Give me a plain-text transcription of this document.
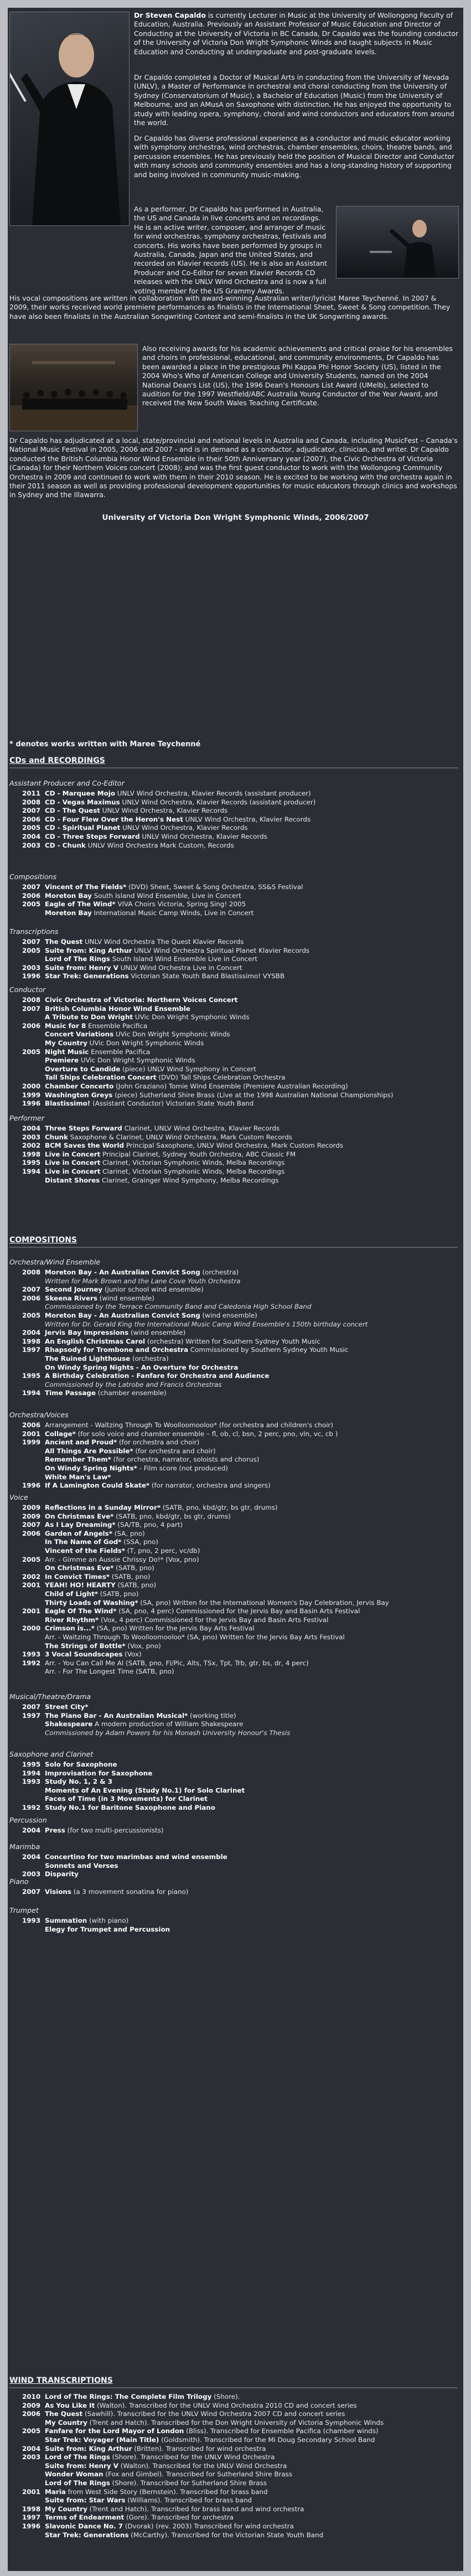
Dr Steven Capaldo is currently Lecturer in Music at the University of Wollongong Faculty of Education, Australia. Previously an Assistant Professor of Music Education and Director of Conducting at the University of Victoria in BC Canada, Dr Capaldo was the founding conductor of the University of Victoria Don Wright Symphonic Winds and taught subjects in Music Education and Conducting at undergraduate and post-graduate levels.

Dr Capaldo completed a Doctor of Musical Arts in conducting from the University of Nevada (UNLV), a Master of Performance in orchestral and choral conducting from the University of Sydney (Conservatorium of Music), a Bachelor of Education (Music) from the University of Melbourne, and an AMusA on Saxophone with distinction. He has enjoyed the opportunity to study with leading opera, symphony, choral and wind conductors and educators from around the world.

Dr Capaldo has diverse professional experience as a conductor and music educator working with symphony orchestras, wind orchestras, chamber ensembles, choirs, theatre bands, and percussion ensembles. He has previously held the position of Musical Director and Conductor with many schools and community ensembles and has a long-standing history of supporting and being involved in community music-making.

As a performer, Dr Capaldo has performed in Australia, the US and Canada in live concerts and on recordings. He is an active writer, composer, and arranger of music for wind orchestras, symphony orchestras, festivals and concerts. His works have been performed by groups in Australia, Canada, Japan and the United States, and recorded on Klavier records (US). He is also an Assistant Producer and Co-Editor for seven Klavier Records CD releases with the UNLV Wind Orchestra and is now a full voting member for the US Grammy Awards.

His vocal compositions are written in collaboration with award-winning Australian writer/lyricist Maree Teychenné. In 2007 & 2009, their works received world premiere performances as finalists in the International Sheet, Sweet & Song competition. They have also been finalists in the Australian Songwriting Contest and semi-finalists in the UK Songwriting awards.

Also receiving awards for his academic achievements and critical praise for his ensembles and choirs in professional, educational, and community environments, Dr Capaldo has been awarded a place in the prestigious Phi Kappa Phi Honor Society (US), listed in the 2004 Who's Who of American College and University Students, named on the 2004 National Dean's List (US), the 1996 Dean's Honours List Award (UMelb), selected to audition for the 1997 Westfield/ABC Australia Young Conductor of the Year Award, and received the New South Wales Teaching Certificate.

Dr Capaldo has adjudicated at a local, state/provincial and national levels in Australia and Canada, including MusicFest – Canada's National Music Festival in 2005, 2006 and 2007 - and is in demand as a conductor, adjudicator, clinician, and writer. Dr Capaldo conducted the British Columbia Honor Wind Ensemble in their 50th Anniversary year (2007), the Civic Orchestra of Victoria (Canada) for their Northern Voices concert (2008); and was the first guest conductor to work with the Wollongong Community Orchestra in 2009 and continued to work with them in their 2010 season. He is excited to be working with the orchestra again in their 2011 season as well as providing professional development opportunities for music educators through clinics and workshops in Sydney and the Illawarra.

University of Victoria Don Wright Symphonic Winds, 2006/2007
* denotes works written with Maree Teychenné
CDs and RECORDINGS
COMPOSITIONS
WIND TRANSCRIPTIONS
Assistant Producer and Co-Editor
2011 CD - Marquee Mojo UNLV Wind Orchestra, Klavier Records (assistant producer)
2008 CD - Vegas Maximus UNLV Wind Orchestra, Klavier Records (assistant producer)
2007 CD - The Quest UNLV Wind Orchestra, Klavier Records
2006 CD - Four Flew Over the Heron's Nest UNLV Wind Orchestra, Klavier Records
2005 CD - Spiritual Planet UNLV Wind Orchestra, Klavier Records
2004 CD - Three Steps Forward UNLV Wind Orchestra, Klavier Records
2003 CD - Chunk UNLV Wind Orchestra Mark Custom, Records
Compositions
2007 Vincent of The Fields* (DVD) Sheet, Sweet & Song Orchestra, SS&S Festival
2006 Moreton Bay South Island Wind Ensemble, Live in Concert
2005 Eagle of The Wind* VIVA Choirs Victoria, Spring Sing! 2005
Moreton Bay International Music Camp Winds, Live in Concert
Transcriptions
2007 The Quest UNLV Wind Orchestra The Quest Klavier Records
2005 Suite from: King Arthur UNLV Wind Orchestra Spiritual Planet Klavier Records
Lord of The Rings South Island Wind Ensemble Live in Concert
2003 Suite from: Henry V UNLV Wind Orchestra Live in Concert
1996 Star Trek: Generations Victorian State Youth Band Blastissimo! VYSBB
Conductor
2008 Civic Orchestra of Victoria: Northern Voices Concert
2007 British Columbia Honor Wind Ensemble
A Tribute to Don Wright UVic Don Wright Symphonic Winds
2006 Music for 8 Ensemble Pacifica
Concert Variations UVic Don Wright Symphonic Winds
My Country UVic Don Wright Symphonic Winds
2005 Night Music Ensemble Pacifica
Premiere UVic Don Wright Symphonic Winds
Overture to Candide (piece) UNLV Wind Symphony in Concert
Tall Ships Celebration Concert (DVD) Tall Ships Celebration Orchestra
2000 Chamber Concerto (John Graziano) Tomie Wind Ensemble (Premiere Australian Recording)
1999 Washington Greys (piece) Sutherland Shire Brass (Live at the 1998 Australian National Championships)
1996 Blastissimo! (Assistant Conductor) Victorian State Youth Band
Performer
2004 Three Steps Forward Clarinet, UNLV Wind Orchestra, Klavier Records
2003 Chunk Saxophone & Clarinet, UNLV Wind Orchestra, Mark Custom Records
2002 BCM Saves the World Principal Saxophone, UNLV Wind Orchestra, Mark Custom Records
1998 Live in Concert Principal Clarinet, Sydney Youth Orchestra, ABC Classic FM
1995 Live in Concert Clarinet, Victorian Symphonic Winds, Melba Recordings
1994 Live in Concert Clarinet, Victorian Symphonic Winds, Melba Recordings
Distant Shores Clarinet, Grainger Wind Symphony, Melba Recordings
Orchestra/Wind Ensemble
2008 Moreton Bay - An Australian Convict Song (orchestra)
Written for Mark Brown and the Lane Cove Youth Orchestra
2007 Second Journey (junior school wind ensemble)
2006 Skeena Rivers (wind ensemble)
Commissioned by the Terrace Community Band and Caledonia High School Band
2005 Moreton Bay - An Australian Convict Song (wind ensemble)
Written for Dr. Gerald King the International Music Camp Wind Ensemble's 150th birthday concert
2004 Jervis Bay Impressions (wind ensemble)
1998 An English Christmas Carol (orchestra) Written for Southern Sydney Youth Music
1997 Rhapsody for Trombone and Orchestra Commissioned by Southern Sydney Youth Music
The Ruined Lighthouse (orchestra)
On Windy Spring Nights - An Overture for Orchestra
1995 A Birthday Celebration - Fanfare for Orchestra and Audience
Commissioned by the Latrobe and Francis Orchestras
1994 Time Passage (chamber ensemble)
Orchestra/Voices
2006 Arrangement - Waltzing Through To Woolloomooloo* (for orchestra and children's choir)
2001 Collage* (for solo voice and chamber ensemble – fl, ob, cl, bsn, 2 perc, pno, vln, vc, cb )
1999 Ancient and Proud* (for orchestra and choir)
All Things Are Possible* (for orchestra and choir)
Remember Them* (for orchestra, narrator, soloists and chorus)
On Windy Spring Nights* - Film score (not produced)
White Man's Law*
1996 If A Lamington Could Skate* (for narrator, orchestra and singers)
Voice
2009 Reflections in a Sunday Mirror* (SATB, pno, kbd/gtr, bs gtr, drums)
2009 On Christmas Eve* (SATB, pno, kbd/gtr, bs gtr, drums)
2007 As I Lay Dreaming* (SA/TB, pno, 4 part)
2006 Garden of Angels* (SA, pno)
In The Name of God* (SSA, pno)
Vincent of the Fields* (T, pno, 2 perc, vc/db)
2005 Arr. - Gimme an Aussie Chrissy Do!* (Vox, pno)
On Christmas Eve* (SATB, pno)
2002 In Convict Times* (SATB, pno)
2001 YEAH! HO! HEARTY (SATB, pno)
Child of Light* (SATB, pno)
Thirty Loads of Washing* (SA, pno) Written for the International Women's Day Celebration, Jervis Bay
2001 Eagle Of The Wind* (SA, pno, 4 perc) Commissioned for the Jervis Bay and Basin Arts Festival
River Rhythm* (Vox, 4 perc) Commissioned for the Jervis Bay and Basin Arts Festival
2000 Crimson is...* (SA, pno) Written for the Jervis Bay Arts Festival
Arr. - Waltzing Through To Woolloomooloo* (SA, pno) Written for the Jervis Bay Arts Festival
The Strings of Bottle* (Vox, pno)
1993 3 Vocal Soundscapes (Vox)
1992 Arr. - You Can Call Me Al (SATB, pno, Fl/Pic, Alts, TSx, Tpt, Trb, gtr, bs, dr, 4 perc)
Arr. - For The Longest Time (SATB, pno)
Musical/Theatre/Drama
2007 Street City*
1997 The Piano Bar - An Australian Musical* (working title)
Shakespeare A modern production of William Shakespeare
Commissioned by Adam Powers for his Monash University Honour's Thesis
Saxophone and Clarinet
1995 Solo for Saxophone
1994 Improvisation for Saxophone
1993 Study No. 1, 2 & 3
Moments of An Evening (Study No.1) for Solo Clarinet
Faces of Time (in 3 Movements) for Clarinet
1992 Study No.1 for Baritone Saxophone and Piano
Percussion
2004 Press (for two multi-percussionists)
Marimba
2004 Concertino for two marimbas and wind ensemble
Sonnets and Verses
2003 Disparity
Piano
2007 Visions (a 3 movement sonatina for piano)
Trumpet
1993 Summation (with piano)
Elegy for Trumpet and Percussion
2010 Lord of The Rings: The Complete Film Trilogy (Shore).
2009 As You Like It (Walton). Transcribed for the UNLV Wind Orchestra 2010 CD and concert series
2006 The Quest (Sawhill). Transcribed for the UNLV Wind Orchestra 2007 CD and concert series
My Country (Trent and Hatch). Transcribed for the Don Wright University of Victoria Symphonic Winds
2005 Fanfare for the Lord Mayor of London (Bliss). Transcribed for Ensemble Pacifica (chamber winds)
Star Trek: Voyager (Main Title) (Goldsmith). Transcribed for the Mi Doug Secondary School Band
2004 Suite from: King Arthur (Britten). Transcribed for wind orchestra
2003 Lord of The Rings (Shore). Transcribed for the UNLV Wind Orchestra
Suite from: Henry V (Walton). Transcribed for the UNLV Wind Orchestra
Wonder Woman (Fox and Gimbel). Transcribed for Sutherland Shire Brass
Lord of The Rings (Shore). Transcribed for Sutherland Shire Brass
2001 Maria from West Side Story (Bernstein). Transcribed for brass band
Suite from: Star Wars (Williams). Transcribed for brass band
1998 My Country (Trent and Hatch). Transcribed for brass band and wind orchestra
1997 Terms of Endearment (Gore). Transcribed for orchestra
1996 Slavonic Dance No. 7 (Dvorak) (rev. 2003) Transcribed for wind orchestra
Star Trek: Generations (McCarthy). Transcribed for the Victorian State Youth Band
